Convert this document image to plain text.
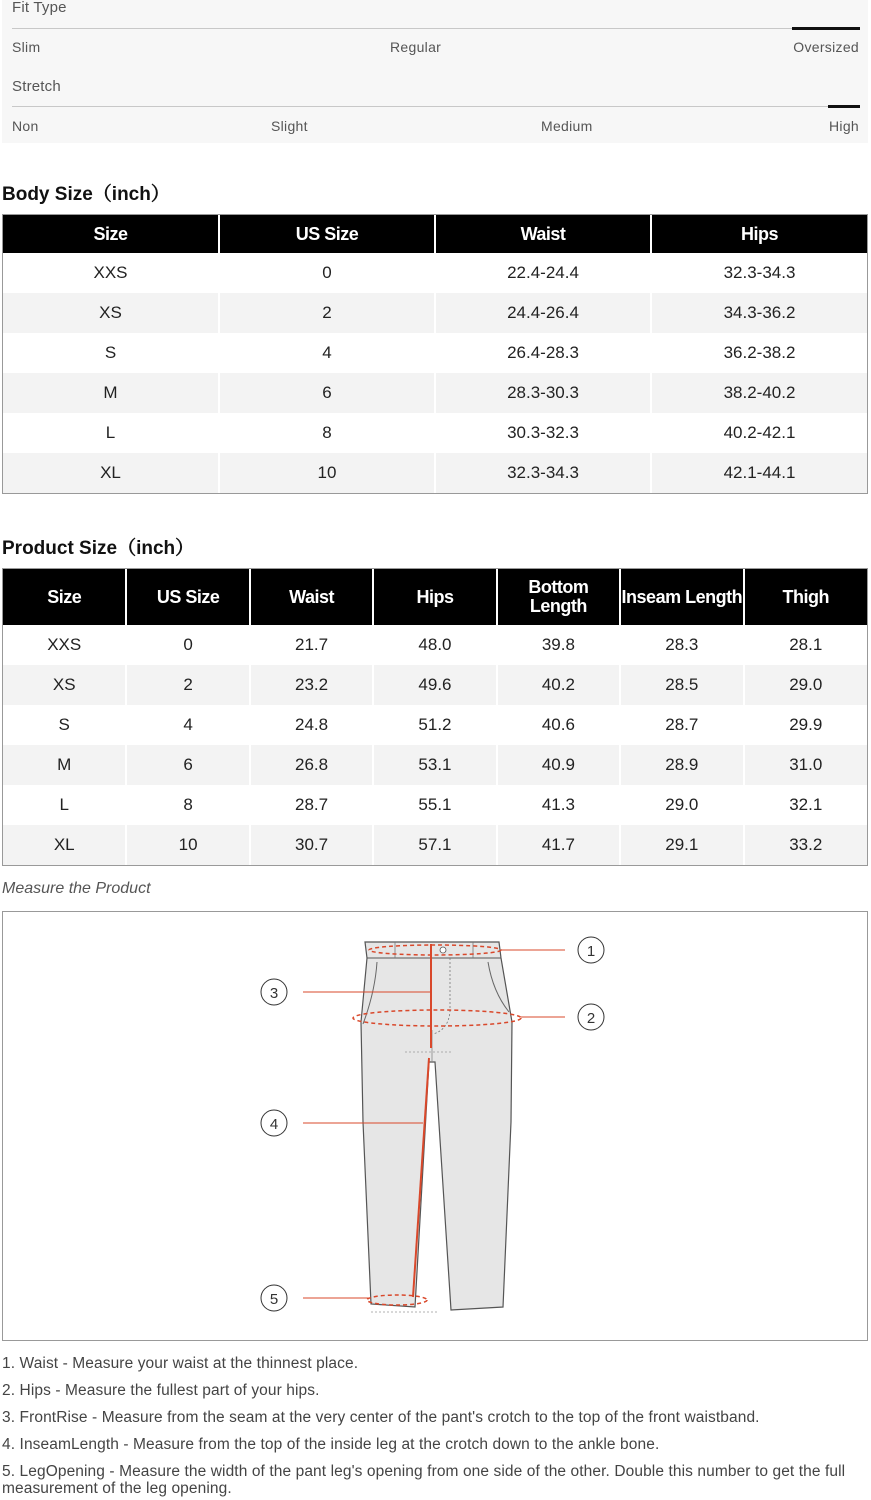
Fit Type
Slim	Regular	Oversized
Stretch
Non	Slight	Medium	High
Body Size（inch）
Size	US Size	Waist	Hips
XXS	0	22.4-24.4	32.3-34.3
XS	2	24.4-26.4	34.3-36.2
S	4	26.4-28.3	36.2-38.2
M	6	28.3-30.3	38.2-40.2
L	8	30.3-32.3	40.2-42.1
XL	10	32.3-34.3	42.1-44.1
Product Size（inch）
Size	US Size	Waist	Hips	Bottom Length	Inseam Length	Thigh
XXS	0	21.7	48.0	39.8	28.3	28.1
XS	2	23.2	49.6	40.2	28.5	29.0
S	4	24.8	51.2	40.6	28.7	29.9
M	6	26.8	53.1	40.9	28.9	31.0
L	8	28.7	55.1	41.3	29.0	32.1
XL	10	30.7	57.1	41.7	29.1	33.2
Measure the Product
1
2
3
4
5
1. Waist - Measure your waist at the thinnest place.
2. Hips - Measure the fullest part of your hips.
3. FrontRise - Measure from the seam at the very center of the pant's crotch to the top of the front waistband.
4. InseamLength - Measure from the top of the inside leg at the crotch down to the ankle bone.
5. LegOpening - Measure the width of the pant leg's opening from one side of the other. Double this number to get the full measurement of the leg opening.
